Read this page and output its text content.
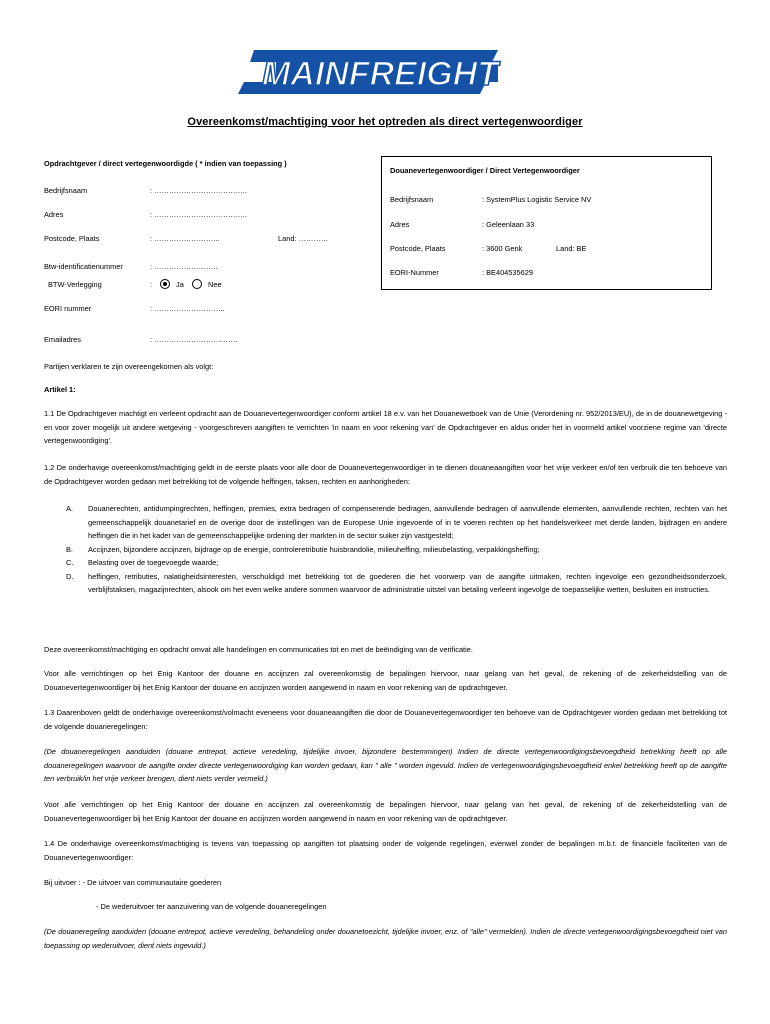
MAINFREIGHT
Overeenkomst/machtiging voor het optreden als direct vertegenwoordiger
Opdrachtgever / direct vertegenwoordigde ( * indien van toepassing )
Bedrijfsnaam	: ………………………………..
Adres	: ………………………………..
Postcode, Plaats	: ……………………...	Land: …………
Btw-identificatienummer	: ……………………..
BTW-Verlegging	:	Ja	Nee
EORI nummer	: ………………………..
Emailadres	: …………………………….
Douanevertegenwoordiger / Direct Vertegenwoordiger
Bedrijfsnaam	: SystemPlus Logistic Service NV
Adres	: Geleenlaan 33
Postcode, Plaats	: 3600 Genk	Land: BE
EORI-Nummer	: BE404535629
Partijen verklaren te zijn overeengekomen als volgt:
Artikel 1:
1.1 De Opdrachtgever machtigt en verleent opdracht aan de Douanevertegenwoordiger conform artikel 18 e.v. van het Douanewetboek van de Unie (Verordening nr. 952/2013/EU), de in de douanewetgeving - en voor zover mogelijk uit andere wetgeving - voorgeschreven aangiften te verrichten 'in naam en voor rekening van' de Opdrachtgever en aldus onder het in voormeld artikel voorziene regime van 'directe vertegenwoordiging'.
1.2 De onderhavige overeenkomst/machtiging geldt in de eerste plaats voor alle door de Douanevertegenwoordiger in te dienen douaneaangiften voor het vrije verkeer en/of ten verbruik die ten behoeve van de Opdrachtgever worden gedaan met betrekking tot de volgende heffingen, taksen, rechten en aanhorigheden:
A. Douanerechten, antidumpingrechten, heffingen, premies, extra bedragen of compenserende bedragen, aanvullende bedragen of aanvullende elementen, aanvullende rechten, rechten van het gemeenschappelijk douanetarief en de overige door de instellingen van de Europese Unie ingevoerde of in te voeren rechten op het handelsverkeer met derde landen, bijdragen en andere heffingen die in het kader van de gemeenschappelijke ordening der markten in de sector suiker zijn vastgesteld;
B. Accijnzen, bijzondere accijnzen, bijdrage op de energie, controleretributie huisbrandolie, milieuheffing, milieubelasting, verpakkingsheffing;
C. Belasting over de toegevoegde waarde;
D. heffingen, retributies, nalatigheidsinteresten, verschuldigd met betrekking tot de goederen die het voorwerp van de aangifte uitmaken, rechten ingevolge een gezondheidsonderzoek, verblijfstaksen, magazijnrechten, alsook om het even welke andere sommen waarvoor de administratie uitstel van betaling verleent ingevolge de toepasselijke wetten, besluiten en instructies.
Deze overeenkomst/machtiging en opdracht omvat alle handelingen en communicaties tot en met de beëindiging van de verificatie.
Voor alle verrichtingen op het Enig Kantoor der douane en accijnzen zal overeenkomstig de bepalingen hiervoor, naar gelang van het geval, de rekening of de zekerheidstelling van de Douanevertegenwoordiger bij het Enig Kantoor der douane en accijnzen worden aangewend in naam en voor rekening van de opdrachtgever.
1.3 Daarenboven geldt de onderhavige overeenkomst/volmacht eveneens voor douaneaangiften die door de Douanevertegenwoordiger ten behoeve van de Opdrachtgever worden gedaan met betrekking tot de volgende douaneregelingen:
(De douaneregelingen aanduiden (douane entrepot, actieve veredeling, tijdelijke invoer, bijzondere bestemmingen) Indien de directe vertegenwoordigingsbevoegdheid betrekking heeft op alle douaneregelingen waarvoor de aangifte onder directe vertegenwoordiging kan worden gedaan, kan " alle " worden ingevuld. Indien de vertegenwoordigingsbevoegdheid enkel betrekking heeft op de aangifte ten verbruik/in het vrije verkeer brengen, dient niets verder vermeld.)
Voor alle verrichtingen op het Enig Kantoor der douane en accijnzen zal overeenkomstig de bepalingen hiervoor, naar gelang van het geval, de rekening of de zekerheidstelling van de Douanevertegenwoordiger bij het Enig Kantoor der douane en accijnzen worden aangewend in naam en voor rekening van de opdrachtgever.
1.4 De onderhavige overeenkomst/machtiging is tevens van toepassing op aangiften tot plaatsing onder de volgende regelingen, evenwel zonder de bepalingen m.b.t. de financiële faciliteiten van de Douanevertegenwoordiger:
Bij uitvoer : - De uitvoer van communautaire goederen
- De wederuitvoer ter aanzuivering van de volgende douaneregelingen
(De douaneregeling aanduiden (douane entrepot, actieve veredeling, behandeling onder douanetoezicht, tijdelijke invoer, enz. of "alle" vermelden). Indien de directe vertegenwoordigingsbevoegdheid niet van toepassing op wederuitvoer, dient niets ingevuld.)
